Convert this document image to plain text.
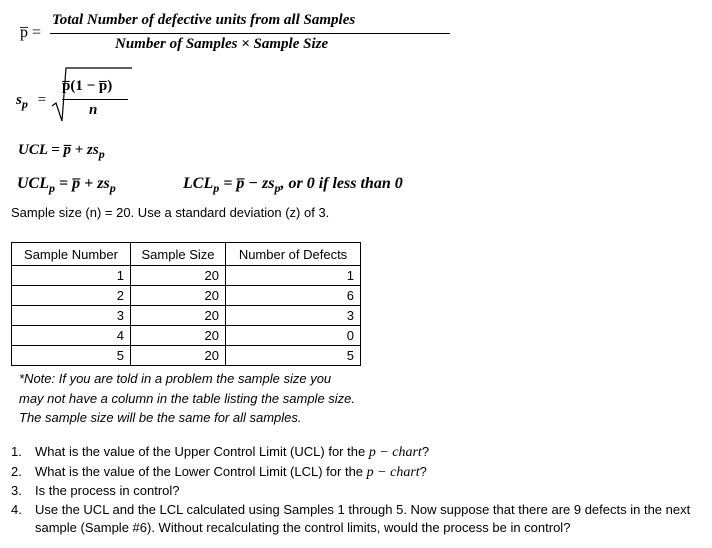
p̅ =
Total Number of defective units from all Samples
Number of Samples × Sample Size
$s_p$ =
p̅(1 − p̅)
n
UCL = p̅ + $zs_p$
$UCL_p$ = p̅ + $zs_p$	$LCL_p$ = p̅ − $zs_p$, or 0 if less than 0
Sample size (n) = 20. Use a standard deviation (z) of 3.
Sample Number	Sample Size	Number of Defects
1	20	1
2	20	6
3	20	3
4	20	0
5	20	5
*Note: If you are told in a problem the sample size you may not have a column in the table listing the sample size. The sample size will be the same for all samples.
1. What is the value of the Upper Control Limit (UCL) for the p − chart?
2. What is the value of the Lower Control Limit (LCL) for the p − chart?
3. Is the process in control?
4. Use the UCL and the LCL calculated using Samples 1 through 5. Now suppose that there are 9 defects in the next sample (Sample #6). Without recalculating the control limits, would the process be in control?
